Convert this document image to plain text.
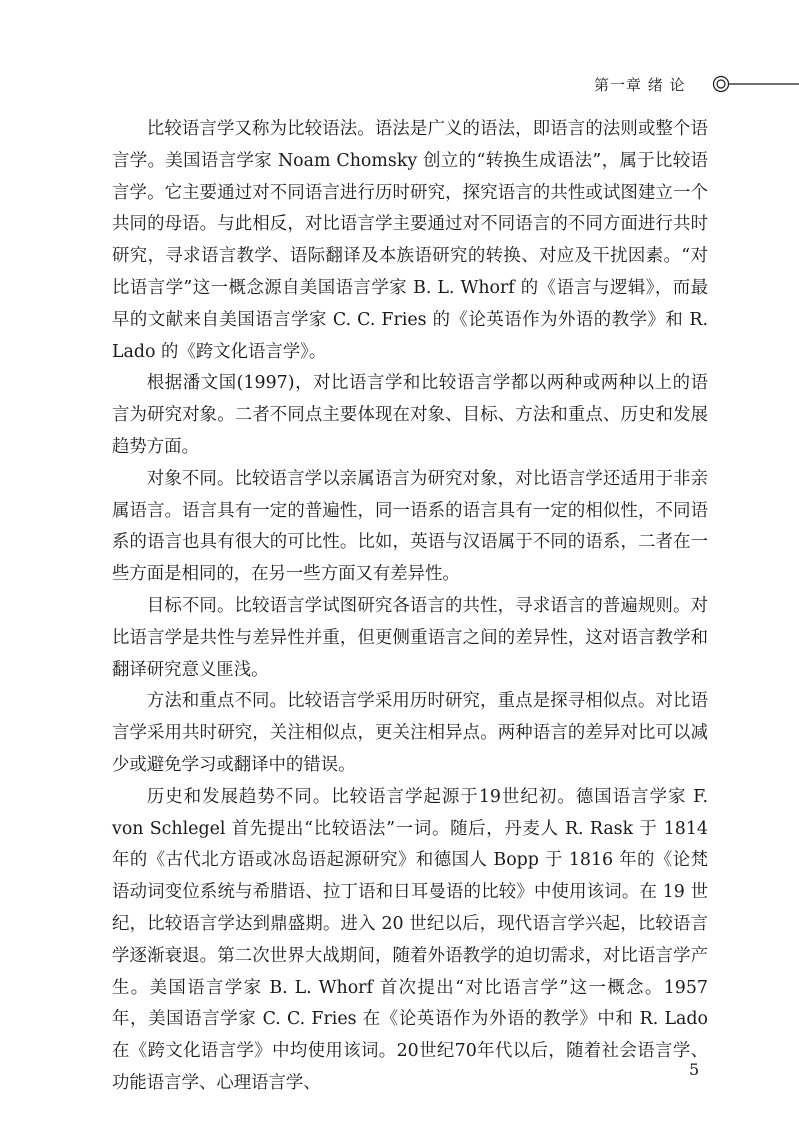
第一章 绪 论

比较语言学又称为比较语法。语法是广义的语法，即语言的法则或整个语言学。美国语言学家 Noam Chomsky 创立的“转换生成语法”，属于比较语言学。它主要通过对不同语言进行历时研究，探究语言的共性或试图建立一个共同的母语。与此相反，对比语言学主要通过对不同语言的不同方面进行共时研究，寻求语言教学、语际翻译及本族语研究的转换、对应及干扰因素。“对比语言学”这一概念源自美国语言学家 B. L. Whorf 的《语言与逻辑》，而最早的文献来自美国语言学家 C. C. Fries 的《论英语作为外语的教学》和 R. Lado 的《跨文化语言学》。

根据潘文国(1997)，对比语言学和比较语言学都以两种或两种以上的语言为研究对象。二者不同点主要体现在对象、目标、方法和重点、历史和发展趋势方面。

对象不同。比较语言学以亲属语言为研究对象，对比语言学还适用于非亲属语言。语言具有一定的普遍性，同一语系的语言具有一定的相似性，不同语系的语言也具有很大的可比性。比如，英语与汉语属于不同的语系，二者在一些方面是相同的，在另一些方面又有差异性。

目标不同。比较语言学试图研究各语言的共性，寻求语言的普遍规则。对比语言学是共性与差异性并重，但更侧重语言之间的差异性，这对语言教学和翻译研究意义匪浅。

方法和重点不同。比较语言学采用历时研究，重点是探寻相似点。对比语言学采用共时研究，关注相似点，更关注相异点。两种语言的差异对比可以减少或避免学习或翻译中的错误。

历史和发展趋势不同。比较语言学起源于19世纪初。德国语言学家 F. von Schlegel 首先提出“比较语法”一词。随后，丹麦人 R. Rask 于 1814 年的《古代北方语或冰岛语起源研究》和德国人 Bopp 于 1816 年的《论梵语动词变位系统与希腊语、拉丁语和日耳曼语的比较》中使用该词。在 19 世纪，比较语言学达到鼎盛期。进入 20 世纪以后，现代语言学兴起，比较语言学逐渐衰退。第二次世界大战期间，随着外语教学的迫切需求，对比语言学产生。美国语言学家 B. L. Whorf 首次提出“对比语言学”这一概念。1957 年，美国语言学家 C. C. Fries 在《论英语作为外语的教学》中和 R. Lado 在《跨文化语言学》中均使用该词。20世纪70年代以后，随着社会语言学、功能语言学、心理语言学、

5
